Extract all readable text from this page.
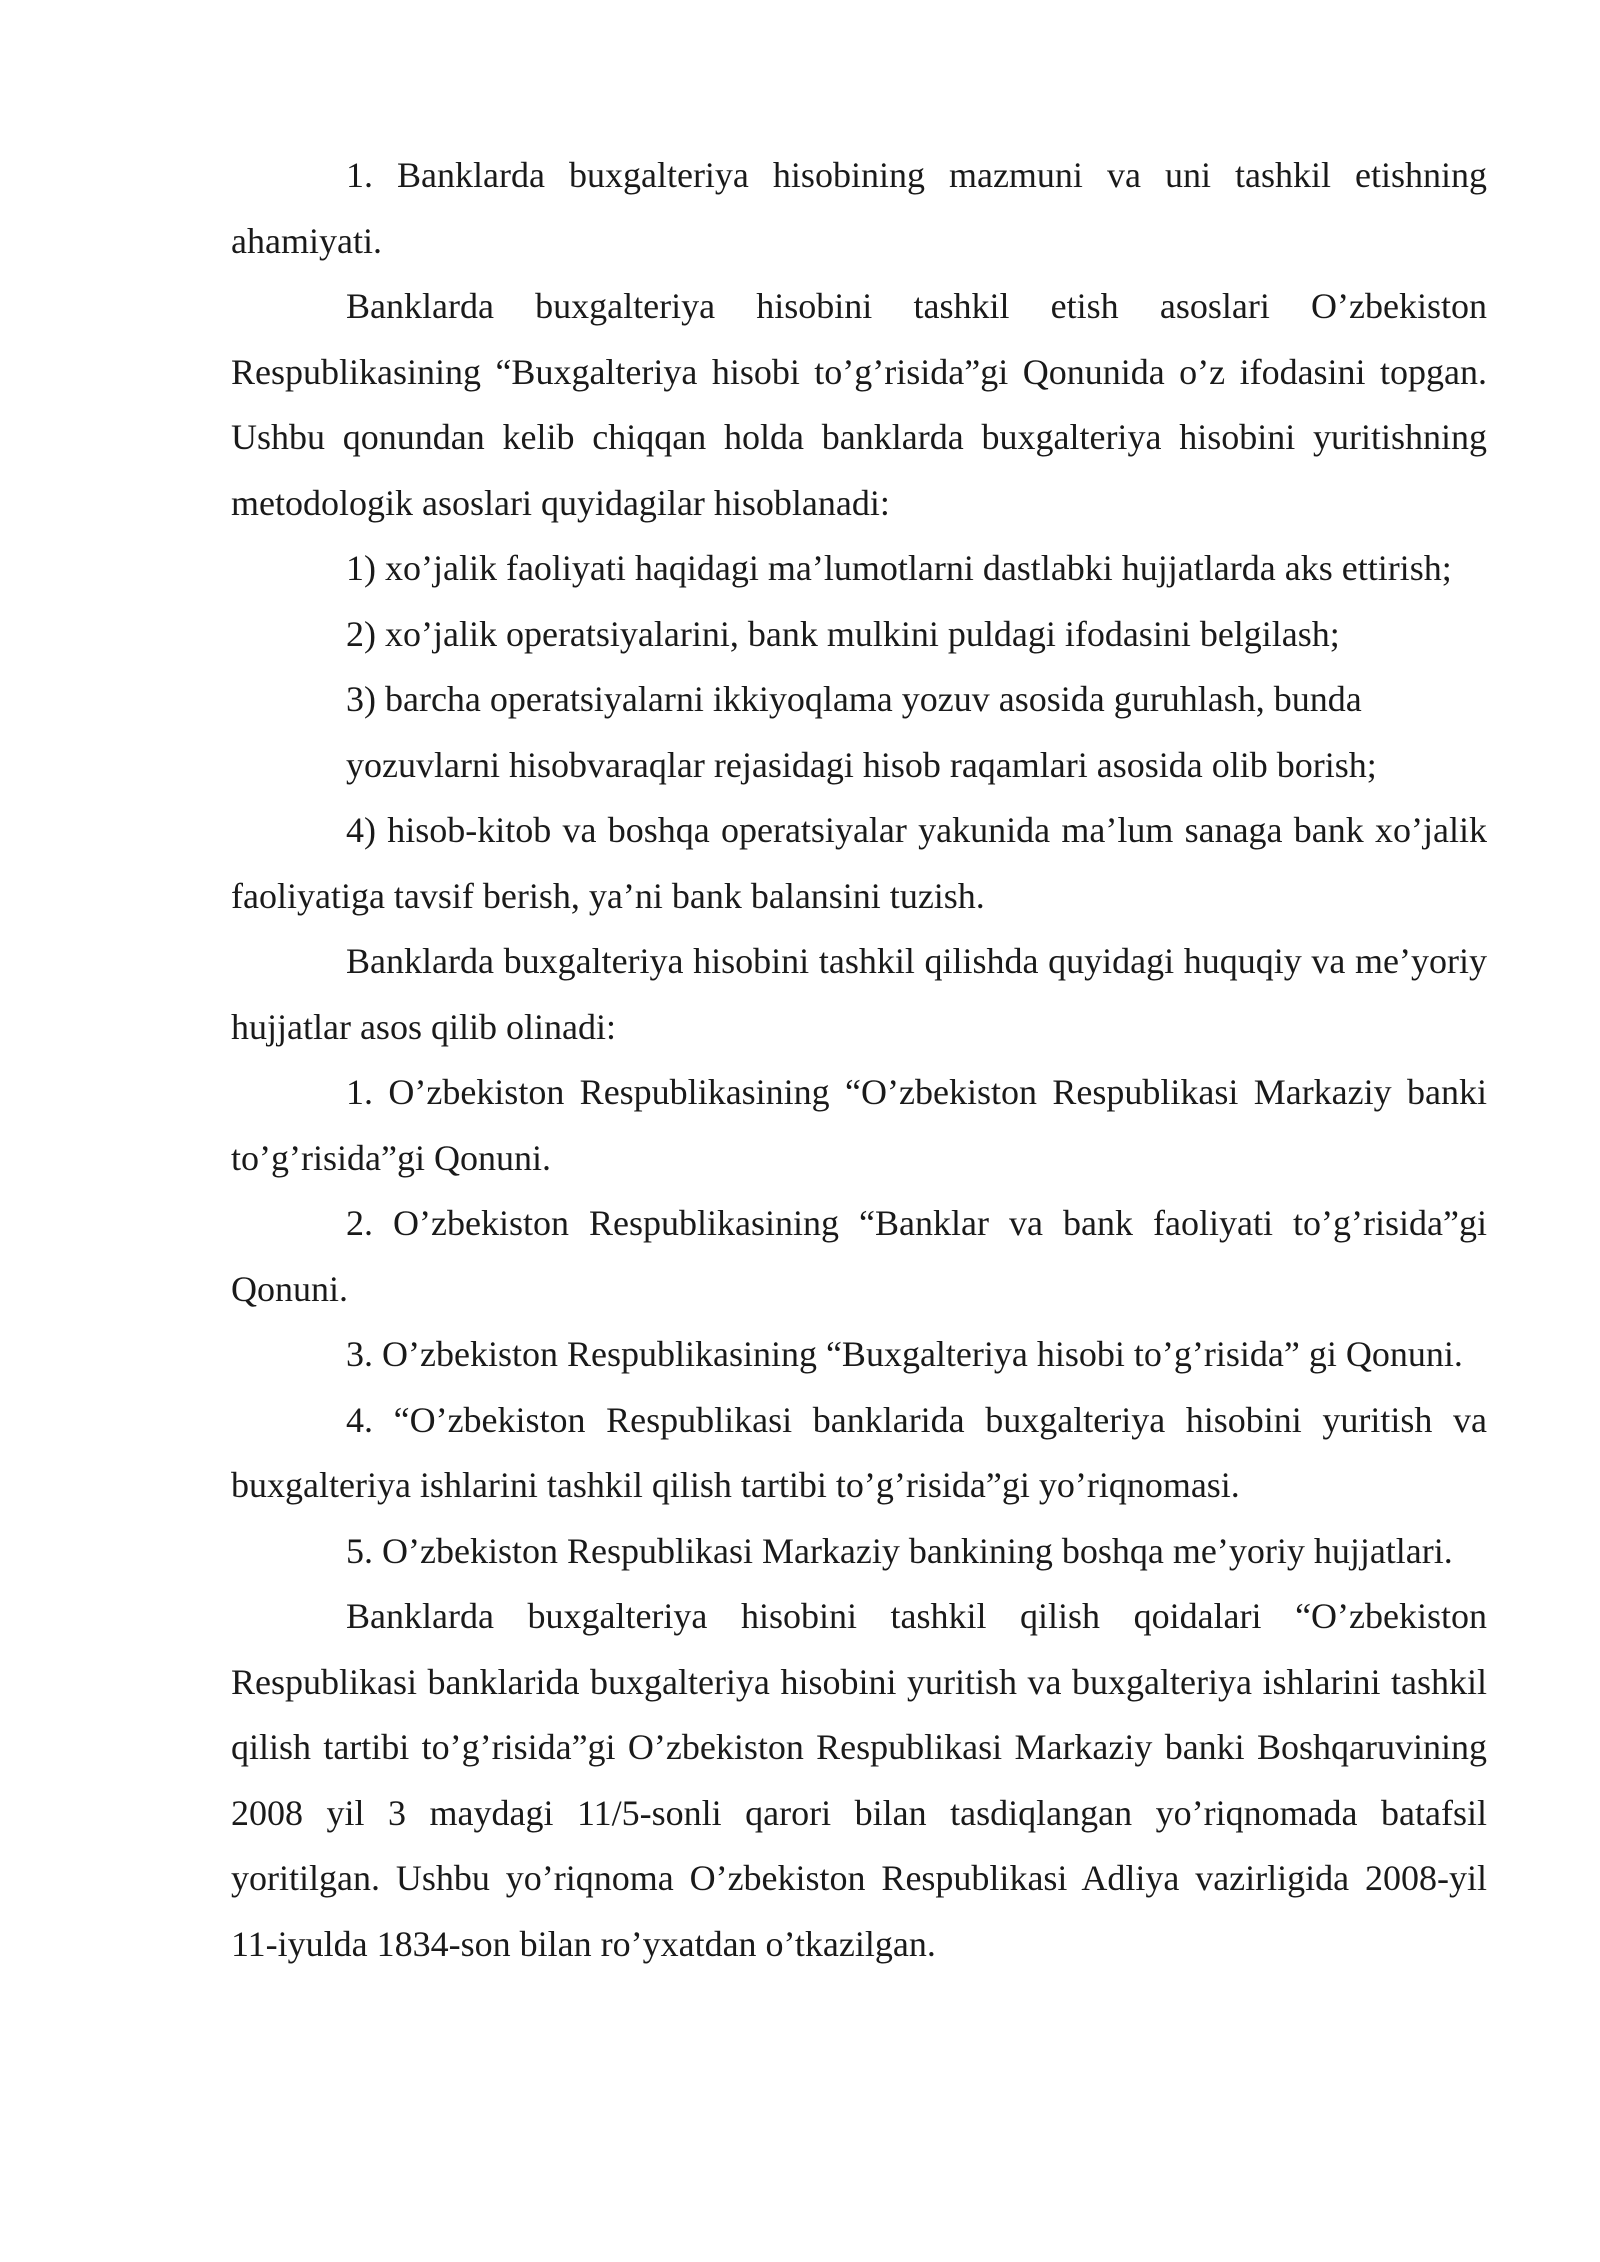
1. Banklarda buxgalteriya hisobining mazmuni va uni tashkil etishning ahamiyati.

Banklarda buxgalteriya hisobini tashkil etish asoslari O’zbekiston Respublikasining “Buxgalteriya hisobi to’g’risida”gi Qonunida o’z ifodasini topgan. Ushbu qonundan kelib chiqqan holda banklarda buxgalteriya hisobini yuritishning metodologik asoslari quyidagilar hisoblanadi:

1) xo’jalik faoliyati haqidagi ma’lumotlarni dastlabki hujjatlarda aks ettirish;

2) xo’jalik operatsiyalarini, bank mulkini puldagi ifodasini belgilash;

3) barcha operatsiyalarni ikkiyoqlama yozuv asosida guruhlash, bunda yozuvlarni hisobvaraqlar rejasidagi hisob raqamlari asosida olib borish;

4) hisob-kitob va boshqa operatsiyalar yakunida ma’lum sanaga bank xo’jalik faoliyatiga tavsif berish, ya’ni bank balansini tuzish.

Banklarda buxgalteriya hisobini tashkil qilishda quyidagi huquqiy va me’yoriy hujjatlar asos qilib olinadi:

1. O’zbekiston Respublikasining “O’zbekiston Respublikasi Markaziy banki to’g’risida”gi Qonuni.

2. O’zbekiston Respublikasining “Banklar va bank faoliyati to’g’risida”gi Qonuni.

3. O’zbekiston Respublikasining “Buxgalteriya hisobi to’g’risida” gi Qonuni.

4. “O’zbekiston Respublikasi banklarida buxgalteriya hisobini yuritish va buxgalteriya ishlarini tashkil qilish tartibi to’g’risida”gi yo’riqnomasi.

5. O’zbekiston Respublikasi Markaziy bankining boshqa me’yoriy hujjatlari.

Banklarda buxgalteriya hisobini tashkil qilish qoidalari “O’zbekiston Respublikasi banklarida buxgalteriya hisobini yuritish va buxgalteriya ishlarini tashkil qilish tartibi to’g’risida”gi O’zbekiston Respublikasi Markaziy banki Boshqaruvining 2008 yil 3 maydagi 11/5-sonli qarori bilan tasdiqlangan yo’riqnomada batafsil yoritilgan. Ushbu yo’riqnoma O’zbekiston Respublikasi Adliya vazirligida 2008-yil 11-iyulda 1834-son bilan ro’yxatdan o’tkazilgan.
